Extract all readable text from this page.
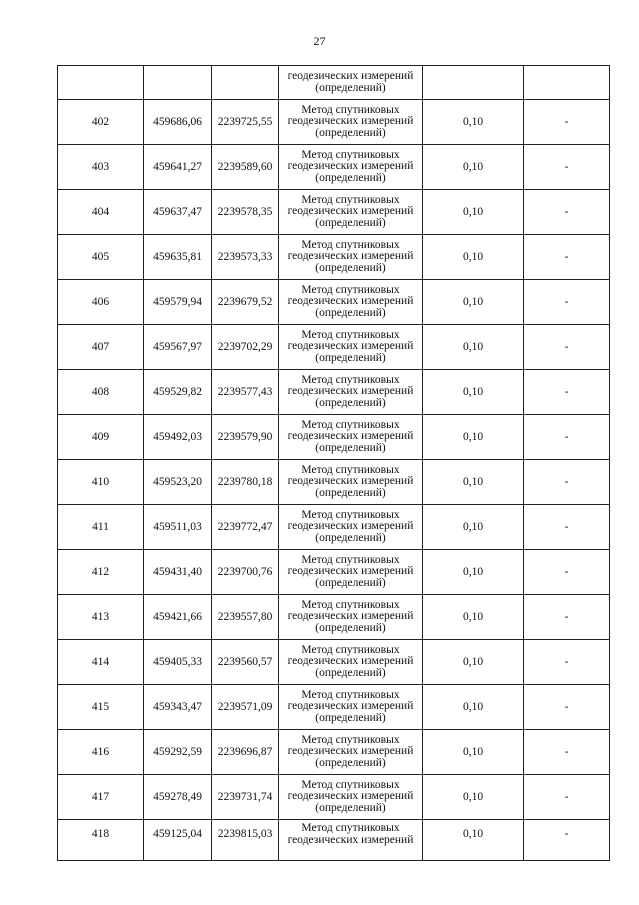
27

			геодезических измерений
(определений)		

402	459686,06	2239725,55	Метод спутниковых
геодезических измерений
(определений)	0,10	-
403	459641,27	2239589,60	Метод спутниковых
геодезических измерений
(определений)	0,10	-
404	459637,47	2239578,35	Метод спутниковых
геодезических измерений
(определений)	0,10	-
405	459635,81	2239573,33	Метод спутниковых
геодезических измерений
(определений)	0,10	-
406	459579,94	2239679,52	Метод спутниковых
геодезических измерений
(определений)	0,10	-
407	459567,97	2239702,29	Метод спутниковых
геодезических измерений
(определений)	0,10	-
408	459529,82	2239577,43	Метод спутниковых
геодезических измерений
(определений)	0,10	-
409	459492,03	2239579,90	Метод спутниковых
геодезических измерений
(определений)	0,10	-
410	459523,20	2239780,18	Метод спутниковых
геодезических измерений
(определений)	0,10	-
411	459511,03	2239772,47	Метод спутниковых
геодезических измерений
(определений)	0,10	-
412	459431,40	2239700,76	Метод спутниковых
геодезических измерений
(определений)	0,10	-
413	459421,66	2239557,80	Метод спутниковых
геодезических измерений
(определений)	0,10	-
414	459405,33	2239560,57	Метод спутниковых
геодезических измерений
(определений)	0,10	-
415	459343,47	2239571,09	Метод спутниковых
геодезических измерений
(определений)	0,10	-
416	459292,59	2239696,87	Метод спутниковых
геодезических измерений
(определений)	0,10	-
417	459278,49	2239731,74	Метод спутниковых
геодезических измерений
(определений)	0,10	-
418	459125,04	2239815,03	Метод спутниковых
геодезических измерений	0,10	-
